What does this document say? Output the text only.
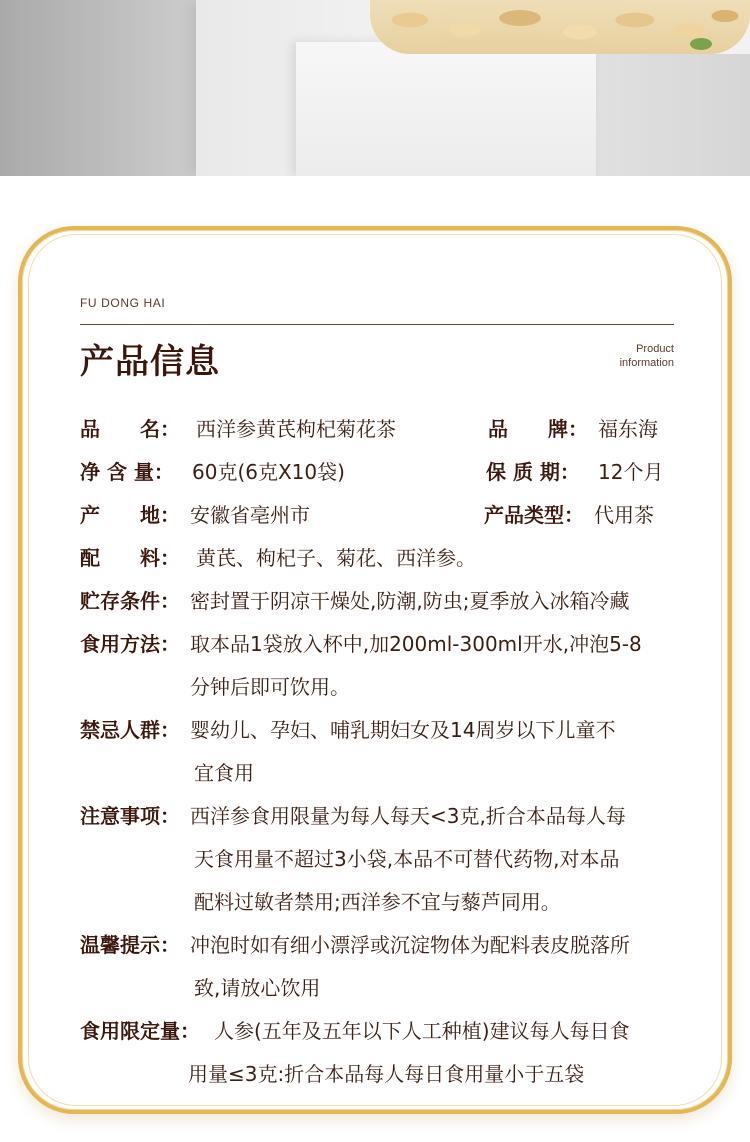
FU DONG HAI
产品信息	Product
information
品　　名： 西洋参黄芪枸杞菊花茶	品　　牌： 福东海
净 含 量： 60克(6克X10袋)	保 质 期： 12个月
产　　地： 安徽省亳州市	产品类型： 代用茶
配　　料： 黄芪、枸杞子、菊花、西洋参。
贮存条件： 密封置于阴凉干燥处,防潮,防虫;夏季放入冰箱冷藏
食用方法： 取本品1袋放入杯中,加200ml-300ml开水,冲泡5-8
分钟后即可饮用。
禁忌人群： 婴幼儿、孕妇、哺乳期妇女及14周岁以下儿童不
宜食用
注意事项： 西洋参食用限量为每人每天<3克,折合本品每人每
天食用量不超过3小袋,本品不可替代药物,对本品
配料过敏者禁用;西洋参不宜与藜芦同用。
温馨提示： 冲泡时如有细小漂浮或沉淀物体为配料表皮脱落所
致,请放心饮用
食用限定量： 人参(五年及五年以下人工种植)建议每人每日食
用量≤3克:折合本品每人每日食用量小于五袋
